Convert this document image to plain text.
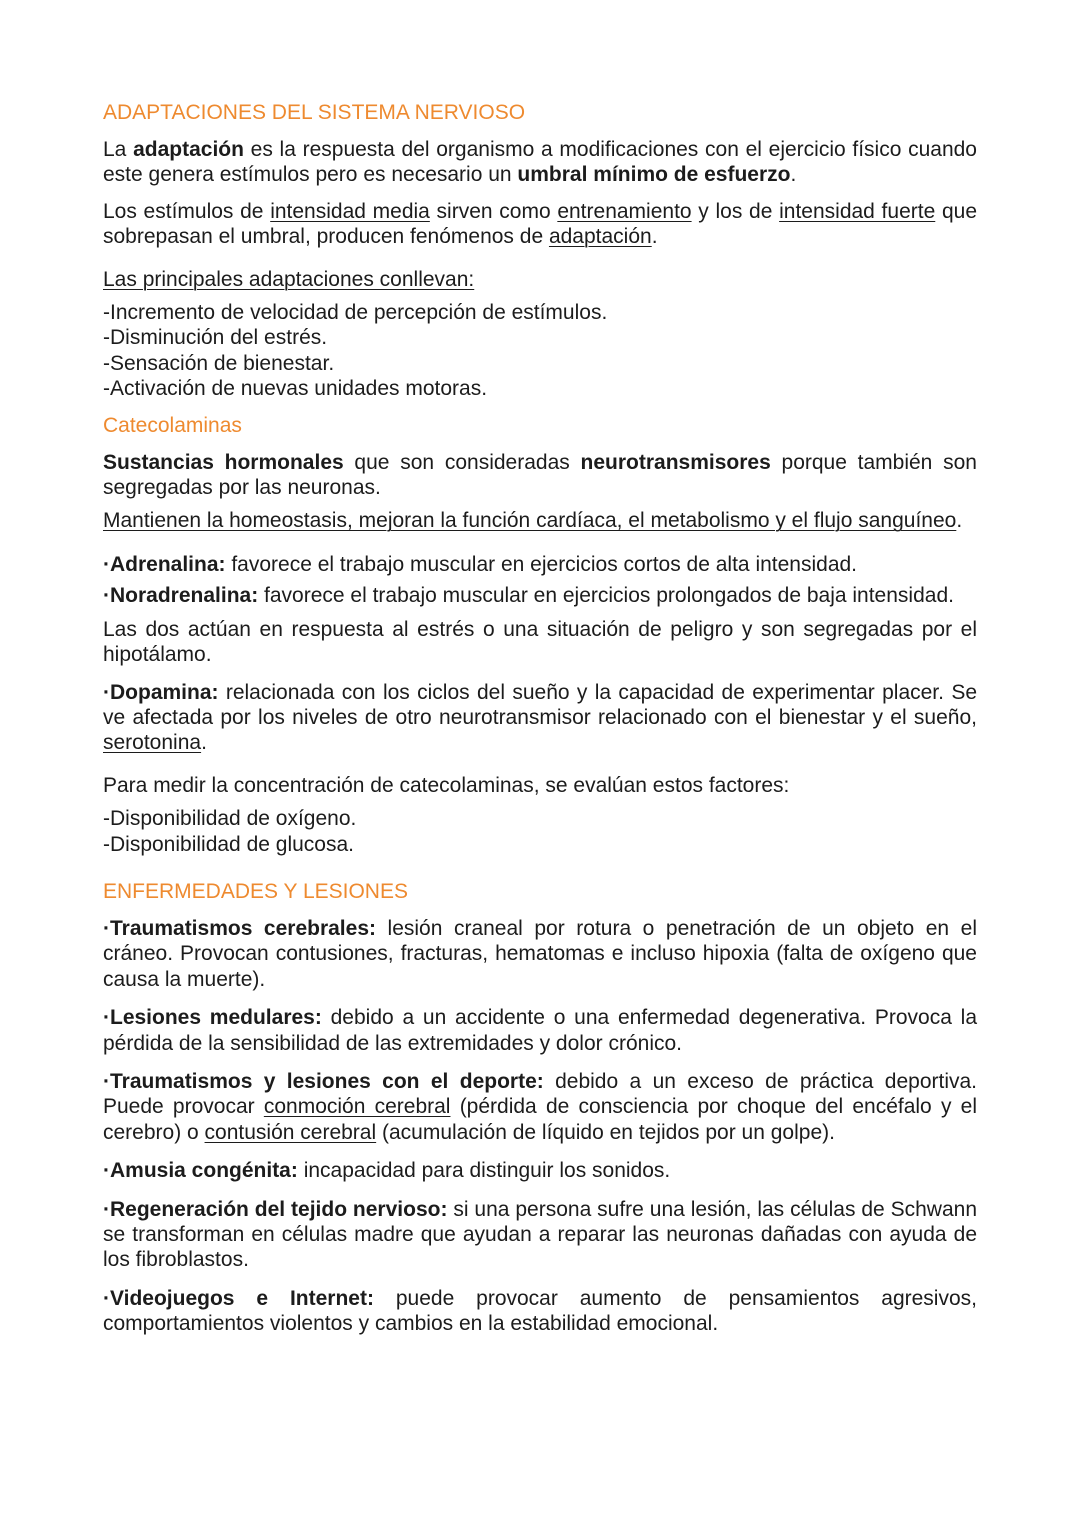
ADAPTACIONES DEL SISTEMA NERVIOSO

La adaptación es la respuesta del organismo a modificaciones con el ejercicio físico cuando este genera estímulos pero es necesario un umbral mínimo de esfuerzo.

Los estímulos de intensidad media sirven como entrenamiento y los de intensidad fuerte que sobrepasan el umbral, producen fenómenos de adaptación.

Las principales adaptaciones conllevan:

-Incremento de velocidad de percepción de estímulos.
-Disminución del estrés.
-Sensación de bienestar.
-Activación de nuevas unidades motoras.

Catecolaminas

Sustancias hormonales que son consideradas neurotransmisores porque también son segregadas por las neuronas.

Mantienen la homeostasis, mejoran la función cardíaca, el metabolismo y el flujo sanguíneo.

·Adrenalina: favorece el trabajo muscular en ejercicios cortos de alta intensidad.

·Noradrenalina: favorece el trabajo muscular en ejercicios prolongados de baja intensidad.

Las dos actúan en respuesta al estrés o una situación de peligro y son segregadas por el hipotálamo.

·Dopamina: relacionada con los ciclos del sueño y la capacidad de experimentar placer. Se ve afectada por los niveles de otro neurotransmisor relacionado con el bienestar y el sueño, serotonina.

Para medir la concentración de catecolaminas, se evalúan estos factores:

-Disponibilidad de oxígeno.
-Disponibilidad de glucosa.

ENFERMEDADES Y LESIONES

·Traumatismos cerebrales: lesión craneal por rotura o penetración de un objeto en el cráneo. Provocan contusiones, fracturas, hematomas e incluso hipoxia (falta de oxígeno que causa la muerte).

·Lesiones medulares: debido a un accidente o una enfermedad degenerativa. Provoca la pérdida de la sensibilidad de las extremidades y dolor crónico.

·Traumatismos y lesiones con el deporte: debido a un exceso de práctica deportiva. Puede provocar conmoción cerebral (pérdida de consciencia por choque del encéfalo y el cerebro) o contusión cerebral (acumulación de líquido en tejidos por un golpe).

·Amusia congénita: incapacidad para distinguir los sonidos.

·Regeneración del tejido nervioso: si una persona sufre una lesión, las células de Schwann se transforman en células madre que ayudan a reparar las neuronas dañadas con ayuda de los fibroblastos.

·Videojuegos e Internet: puede provocar aumento de pensamientos agresivos, comportamientos violentos y cambios en la estabilidad emocional.
